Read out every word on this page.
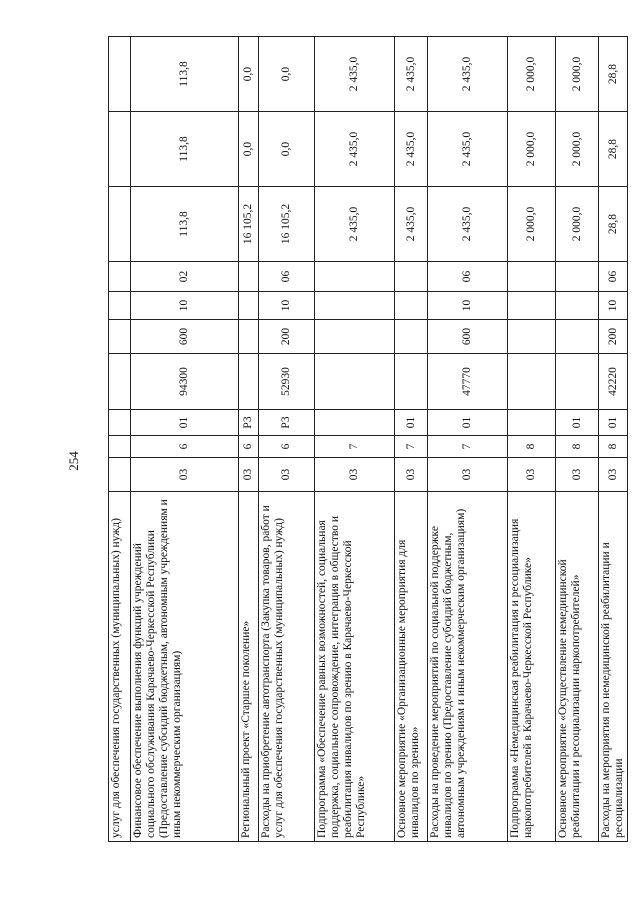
254
услуг для обеспечения государственных (муниципальных) нужд)										
Финансовое обеспечение выполнения функций учреждений социального обслуживания Карачаево-Черкесской Республики (Предоставление субсидий бюджетным, автономным учреждениям и иным некоммерческим организациям)	03	6	01	94300	600	10	02	113,8	113,8	113,8
Региональный проект «Старшее поколение»	03	6	P3					16 105,2	0,0	0,0
Расходы на приобретение автотранспорта (Закупка товаров, работ и услуг для обеспечения государственных (муниципальных) нужд)	03	6	P3	52930	200	10	06	16 105,2	0,0	0,0
Подпрограмма «Обеспечение равных возможностей, социальная поддержка, социальное сопровождение, интеграция в общество и реабилитация инвалидов по зрению в Карачаево-Черкесской Республике»	03	7						2 435,0	2 435,0	2 435,0
Основное мероприятие «Организационные мероприятия для инвалидов по зрению»	03	7	01					2 435,0	2 435,0	2 435,0
Расходы на проведение мероприятий по социальной поддержке инвалидов по зрению (Предоставление субсидий бюджетным, автономным учреждениям и иным некоммерческим организациям)	03	7	01	47770	600	10	06	2 435,0	2 435,0	2 435,0
Подпрограмма «Немедицинская реабилитация и ресоциализация наркопотребителей в Карачаево-Черкесской Республике»	03	8						2 000,0	2 000,0	2 000,0
Основное мероприятие «Осуществление немедицинской реабилитации и ресоциализации наркопотребителей»	03	8	01					2 000,0	2 000,0	2 000,0
Расходы на мероприятия по немедицинской реабилитации и ресоциализации	03	8	01	42220	200	10	06	28,8	28,8	28,8
